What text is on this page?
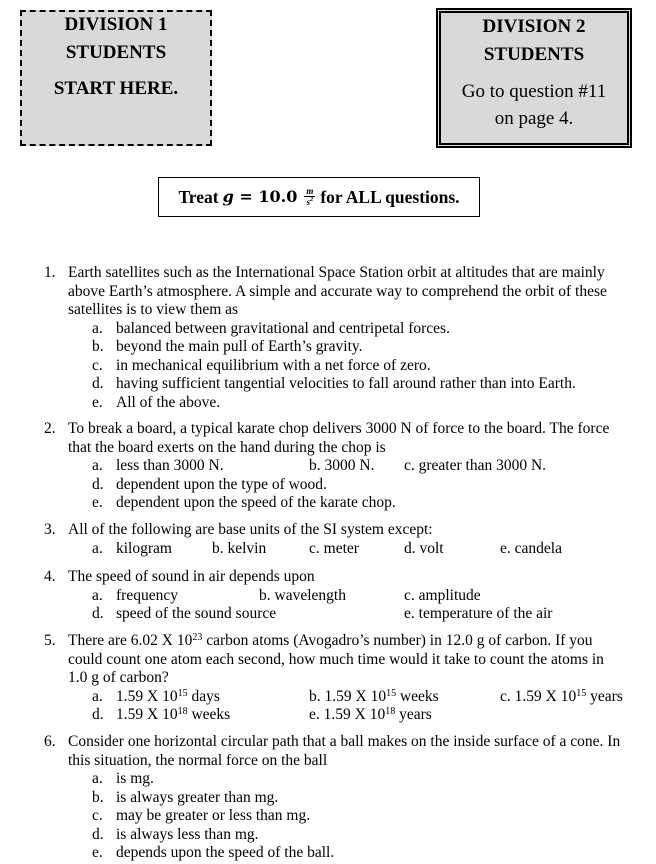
DIVISION 1
STUDENTS
START HERE.
DIVISION 2
STUDENTS
Go to question #11
on page 4.
Treat $g = 10.0 \frac{m}{s^2}$ for ALL questions.
1. Earth satellites such as the International Space Station orbit at altitudes that are mainly
above Earth’s atmosphere. A simple and accurate way to comprehend the orbit of these
satellites is to view them as
a. balanced between gravitational and centripetal forces.
b. beyond the main pull of Earth’s gravity.
c. in mechanical equilibrium with a net force of zero.
d. having sufficient tangential velocities to fall around rather than into Earth.
e. All of the above.
2. To break a board, a typical karate chop delivers 3000 N of force to the board. The force
that the board exerts on the hand during the chop is
a. less than 3000 N.	b. 3000 N. c. greater than 3000 N.
d. dependent upon the type of wood.
e. dependent upon the speed of the karate chop.
3. All of the following are base units of the SI system except:
a. kilogram	b. kelvin	c. meter	d. volt	e. candela
4. The speed of sound in air depends upon
a. frequency	b. wavelength	c. amplitude
d. speed of the sound source	e. temperature of the air
5. There are 6.02 X $10^{23}$ carbon atoms (Avogadro’s number) in 12.0 g of carbon. If you
could count one atom each second, how much time would it take to count the atoms in
1.0 g of carbon?
a. 1.59 X $10^{15}$ days	b. 1.59 X $10^{15}$ weeks	c. 1.59 X $10^{15}$ years
d. 1.59 X $10^{18}$ weeks	e. 1.59 X $10^{18}$ years
6. Consider one horizontal circular path that a ball makes on the inside surface of a cone. In
this situation, the normal force on the ball
a. is mg.
b. is always greater than mg.
c. may be greater or less than mg.
d. is always less than mg.
e. depends upon the speed of the ball.
